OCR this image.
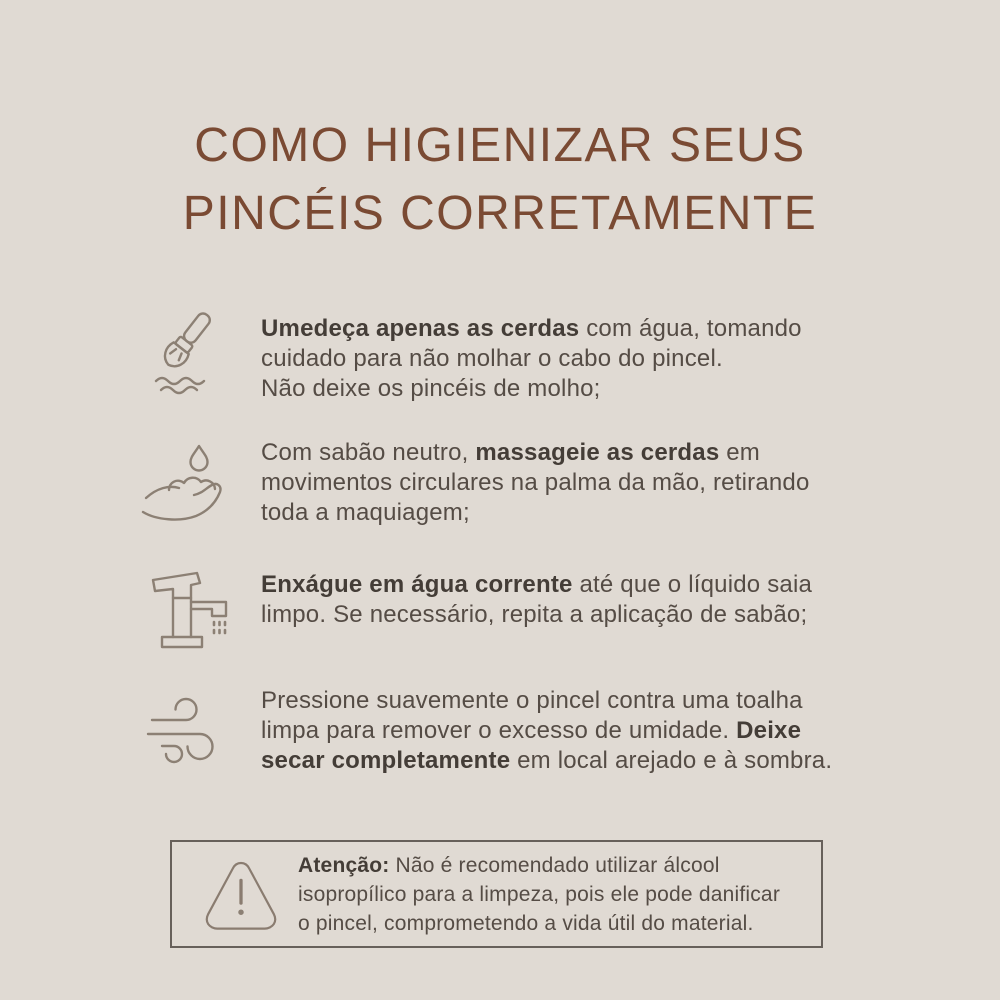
COMO HIGIENIZAR SEUS
PINCÉIS CORRETAMENTE

Umedeça apenas as cerdas com água, tomando
cuidado para não molhar o cabo do pincel.
Não deixe os pincéis de molho;

Com sabão neutro, massageie as cerdas em
movimentos circulares na palma da mão, retirando
toda a maquiagem;

Enxágue em água corrente até que o líquido saia
limpo. Se necessário, repita a aplicação de sabão;

Pressione suavemente o pincel contra uma toalha
limpa para remover o excesso de umidade. Deixe
secar completamente em local arejado e à sombra.

Atenção: Não é recomendado utilizar álcool
isopropílico para a limpeza, pois ele pode danificar
o pincel, comprometendo a vida útil do material.
